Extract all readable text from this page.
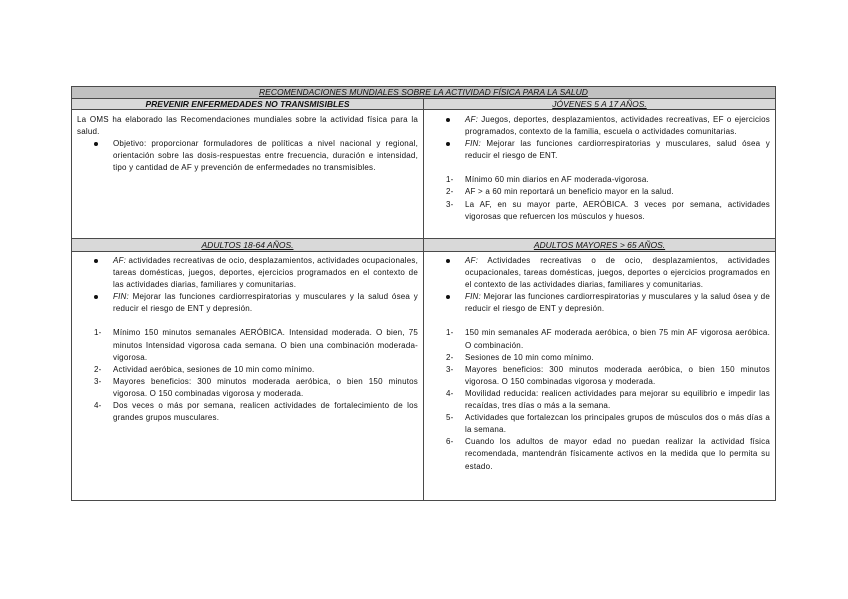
RECOMENDACIONES MUNDIALES SOBRE LA ACTIVIDAD FÍSICA PARA LA SALUD
PREVENIR ENFERMEDADES NO TRANSMISIBLES	JÓVENES 5 A 17 AÑOS.

La OMS ha elaborado las Recomendaciones mundiales sobre la actividad física para la salud.

Objetivo: proporcionar formuladores de políticas a nivel nacional y regional, orientación sobre las dosis-respuestas entre frecuencia, duración e intensidad, tipo y cantidad de AF y prevención de enfermedades no transmisibles.

AF: Juegos, deportes, desplazamientos, actividades recreativas, EF o ejercicios programados, contexto de la familia, escuela o actividades comunitarias.

FIN: Mejorar las funciones cardiorrespiratorias y musculares, salud ósea y reducir el riesgo de ENT.

1- Mínimo 60 min diarios en AF moderada-vigorosa.

2- AF > a 60 min reportará un beneficio mayor en la salud.

3- La AF, en su mayor parte, AERÓBICA. 3 veces por semana, actividades vigorosas que refuercen los músculos y huesos.

ADULTOS 18-64 AÑOS.	ADULTOS MAYORES > 65 AÑOS.

AF: actividades recreativas de ocio, desplazamientos, actividades ocupacionales, tareas domésticas, juegos, deportes, ejercicios programados en el contexto de las actividades diarias, familiares y comunitarias.

FIN: Mejorar las funciones cardiorrespiratorias y musculares y la salud ósea y reducir el riesgo de ENT y depresión.

1- Mínimo 150 minutos semanales AERÓBICA. Intensidad moderada. O bien, 75 minutos Intensidad vigorosa cada semana. O bien una combinación moderada-vigorosa.

2- Actividad aeróbica, sesiones de 10 min como mínimo.

3- Mayores beneficios: 300 minutos moderada aeróbica, o bien 150 minutos vigorosa. O 150 combinadas vigorosa y moderada.

4- Dos veces o más por semana, realicen actividades de fortalecimiento de los grandes grupos musculares.

AF: Actividades recreativas o de ocio, desplazamientos, actividades ocupacionales, tareas domésticas, juegos, deportes o ejercicios programados en el contexto de las actividades diarias, familiares y comunitarias.

FIN: Mejorar las funciones cardiorrespiratorias y musculares y la salud ósea y de reducir el riesgo de ENT y depresión.

1- 150 min semanales AF moderada aeróbica, o bien 75 min AF vigorosa aeróbica. O combinación.

2- Sesiones de 10 min como mínimo.

3- Mayores beneficios: 300 minutos moderada aeróbica, o bien 150 minutos vigorosa. O 150 combinadas vigorosa y moderada.

4- Movilidad reducida: realicen actividades para mejorar su equilibrio e impedir las recaídas, tres días o más a la semana.

5- Actividades que fortalezcan los principales grupos de músculos dos o más días a la semana.

6- Cuando los adultos de mayor edad no puedan realizar la actividad física recomendada, mantendrán físicamente activos en la medida que lo permita su estado.
